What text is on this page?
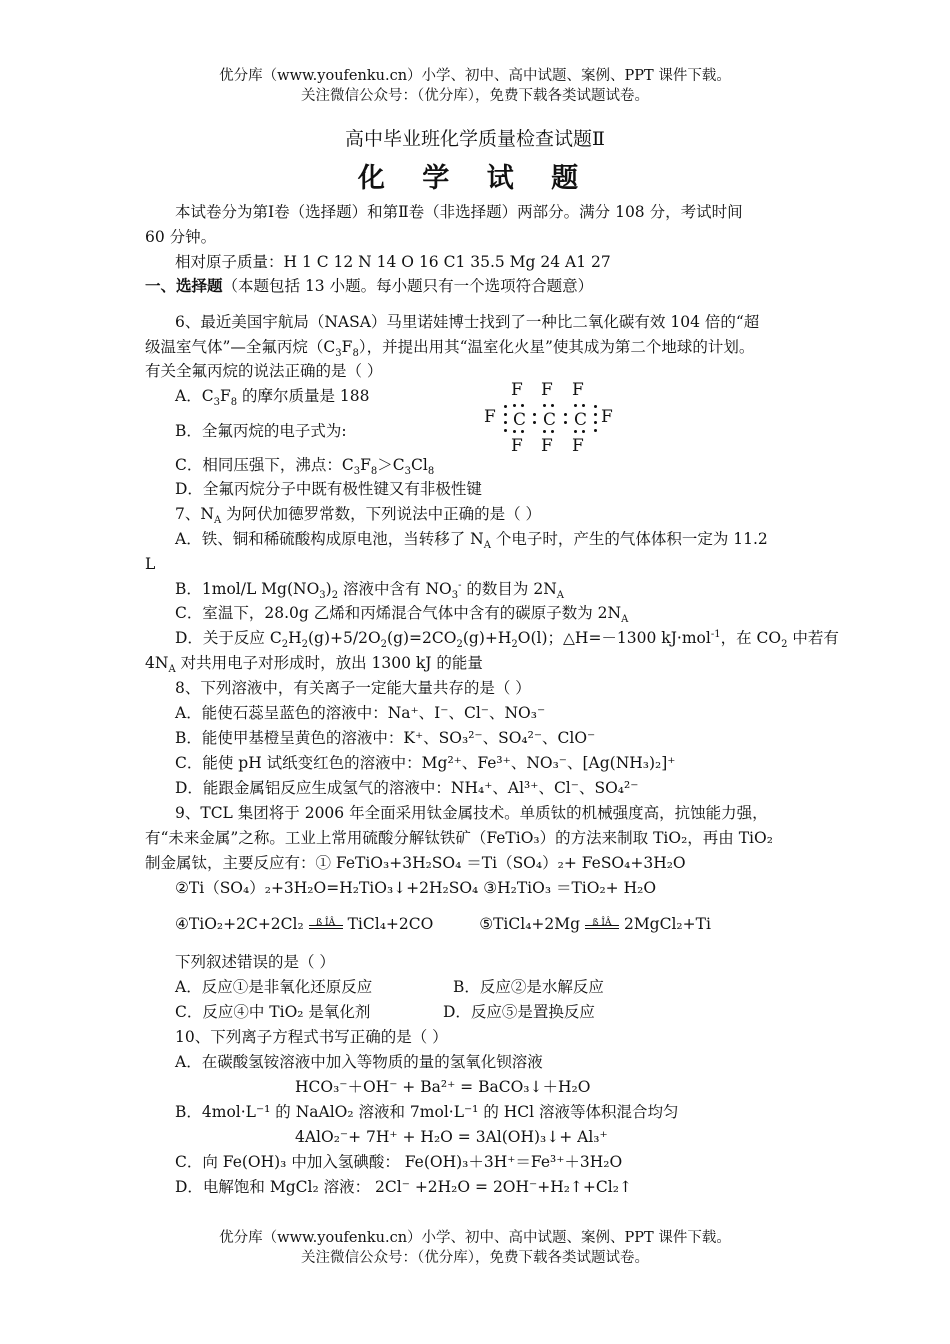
优分库（www.youfenku.cn）小学、初中、高中试题、案例、PPT 课件下载。
关注微信公众号：（优分库），免费下载各类试题试卷。
高中毕业班化学质量检查试题Ⅱ
化 学 试 题
本试卷分为第Ⅰ卷（选择题）和第Ⅱ卷（非选择题）两部分。满分 108 分，考试时间
60 分钟。
相对原子质量：H 1 C 12 N 14 O 16 C1 35.5 Mg 24 A1 27
一、选择题（本题包括 13 小题。每小题只有一个选项符合题意）
6、最近美国宇航局（NASA）马里诺娃博士找到了一种比二氧化碳有效 104 倍的“超
级温室气体”—全氟丙烷$(C_3F_8)$，并提出用其“温室化火星”使其成为第二个地球的计划。
有关全氟丙烷的说法正确的是（ ）
A．$C_3F_8$ 的摩尔质量是 188
B．全氟丙烷的电子式为:
F F F
F C C C F
F F F
C．相同压强下，沸点：$C_3F_8>C_3Cl_8$
D．全氟丙烷分子中既有极性键又有非极性键
7、$N_A$ 为阿伏加德罗常数，下列说法中正确的是（ ）
A．铁、铜和稀硫酸构成原电池，当转移了 $N_A$ 个电子时，产生的气体体积一定为 11.2
L
B．1mol/L $Mg(NO_3)_2$ 溶液中含有 $NO_3^-$ 的数目为 $2N_A$
C．室温下，28.0g 乙烯和丙烯混合气体中含有的碳原子数为 $2N_A$
D．关于反应 $C_2H_2(g)+5/2O_2(g)=2CO_2(g)+H_2O(l)$；△H=－1300 kJ·mol$^{-1}$，在 $CO_2$ 中若有
$4N_A$ 对共用电子对形成时，放出 1300 kJ 的能量
8、下列溶液中，有关离子一定能大量共存的是（ ）
A．能使石蕊呈蓝色的溶液中：Na⁺、I⁻、Cl⁻、NO₃⁻
B．能使甲基橙呈黄色的溶液中：K⁺、SO₃²⁻、SO₄²⁻、ClO⁻
C．能使 pH 试纸变红色的溶液中：Mg²⁺、Fe³⁺、NO₃⁻、[Ag(NH₃)₂]⁺
D．能跟金属铝反应生成氢气的溶液中：NH₄⁺、Al³⁺、Cl⁻、SO₄²⁻
9、TCL 集团将于 2006 年全面采用钛金属技术。单质钛的机械强度高，抗蚀能力强，
有“未来金属”之称。工业上常用硫酸分解钛铁矿（FeTiO₃）的方法来制取 TiO₂，再由 TiO₂
制金属钛，主要反应有：① FeTiO₃+3H₂SO₄ ＝Ti（SO₄）₂+ FeSO₄+3H₂O
②Ti（SO₄）₂+3H₂O=H₂TiO₃↓+2H₂SO₄ ③H₂TiO₃ ＝TiO₂+ H₂O
④TiO₂+2C+2Cl₂	ß ÎÂ TiCl₄+2CO	⑤TiCl₄+2Mg	ß ÎÂ 2MgCl₂+Ti
下列叙述错误的是（ ）
A．反应①是非氧化还原反应	B．反应②是水解反应
C．反应④中 TiO₂ 是氧化剂	D．反应⑤是置换反应
10、下列离子方程式书写正确的是（ ）
A．在碳酸氢铵溶液中加入等物质的量的氢氧化钡溶液
HCO₃⁻＋OH⁻ + Ba²⁺ = BaCO₃↓＋H₂O
B．4mol·L⁻¹ 的 NaAlO₂ 溶液和 7mol·L⁻¹ 的 HCl 溶液等体积混合均匀
4AlO₂⁻+ 7H⁺ + H₂O = 3Al(OH)₃↓+ Al₃⁺
C．向 Fe(OH)₃ 中加入氢碘酸： Fe(OH)₃＋3H⁺＝Fe³⁺＋3H₂O
D．电解饱和 MgCl₂ 溶液： 2Cl⁻ +2H₂O = 2OH⁻+H₂↑+Cl₂↑
优分库（www.youfenku.cn）小学、初中、高中试题、案例、PPT 课件下载。
关注微信公众号：（优分库），免费下载各类试题试卷。
